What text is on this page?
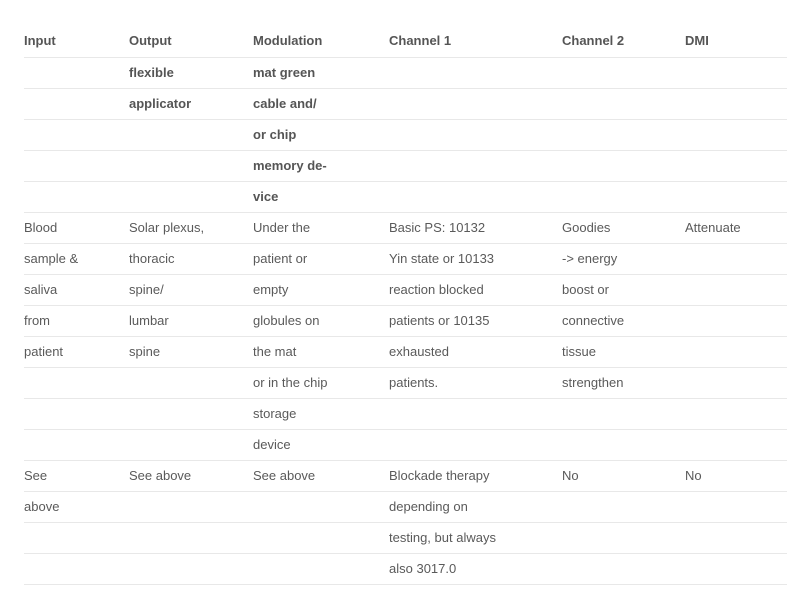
Input	Output	Modulation	Channel 1	Channel 2	DMI
	flexible	mat green			
	applicator	cable and/			
		or chip			
		memory de-			
		vice			
Blood	Solar plexus,	Under the	Basic PS: 10132	Goodies	Attenuate
sample &	thoracic	patient or	Yin state or 10133	-> energy	
saliva	spine/	empty	reaction blocked	boost or	
from	lumbar	globules on	patients or 10135	connective	
patient	spine	the mat	exhausted	tissue	
		or in the chip	patients.	strengthen	
		storage			
		device			
See	See above	See above	Blockade therapy	No	No
above			depending on		
			testing, but always		
			also 3017.0		
